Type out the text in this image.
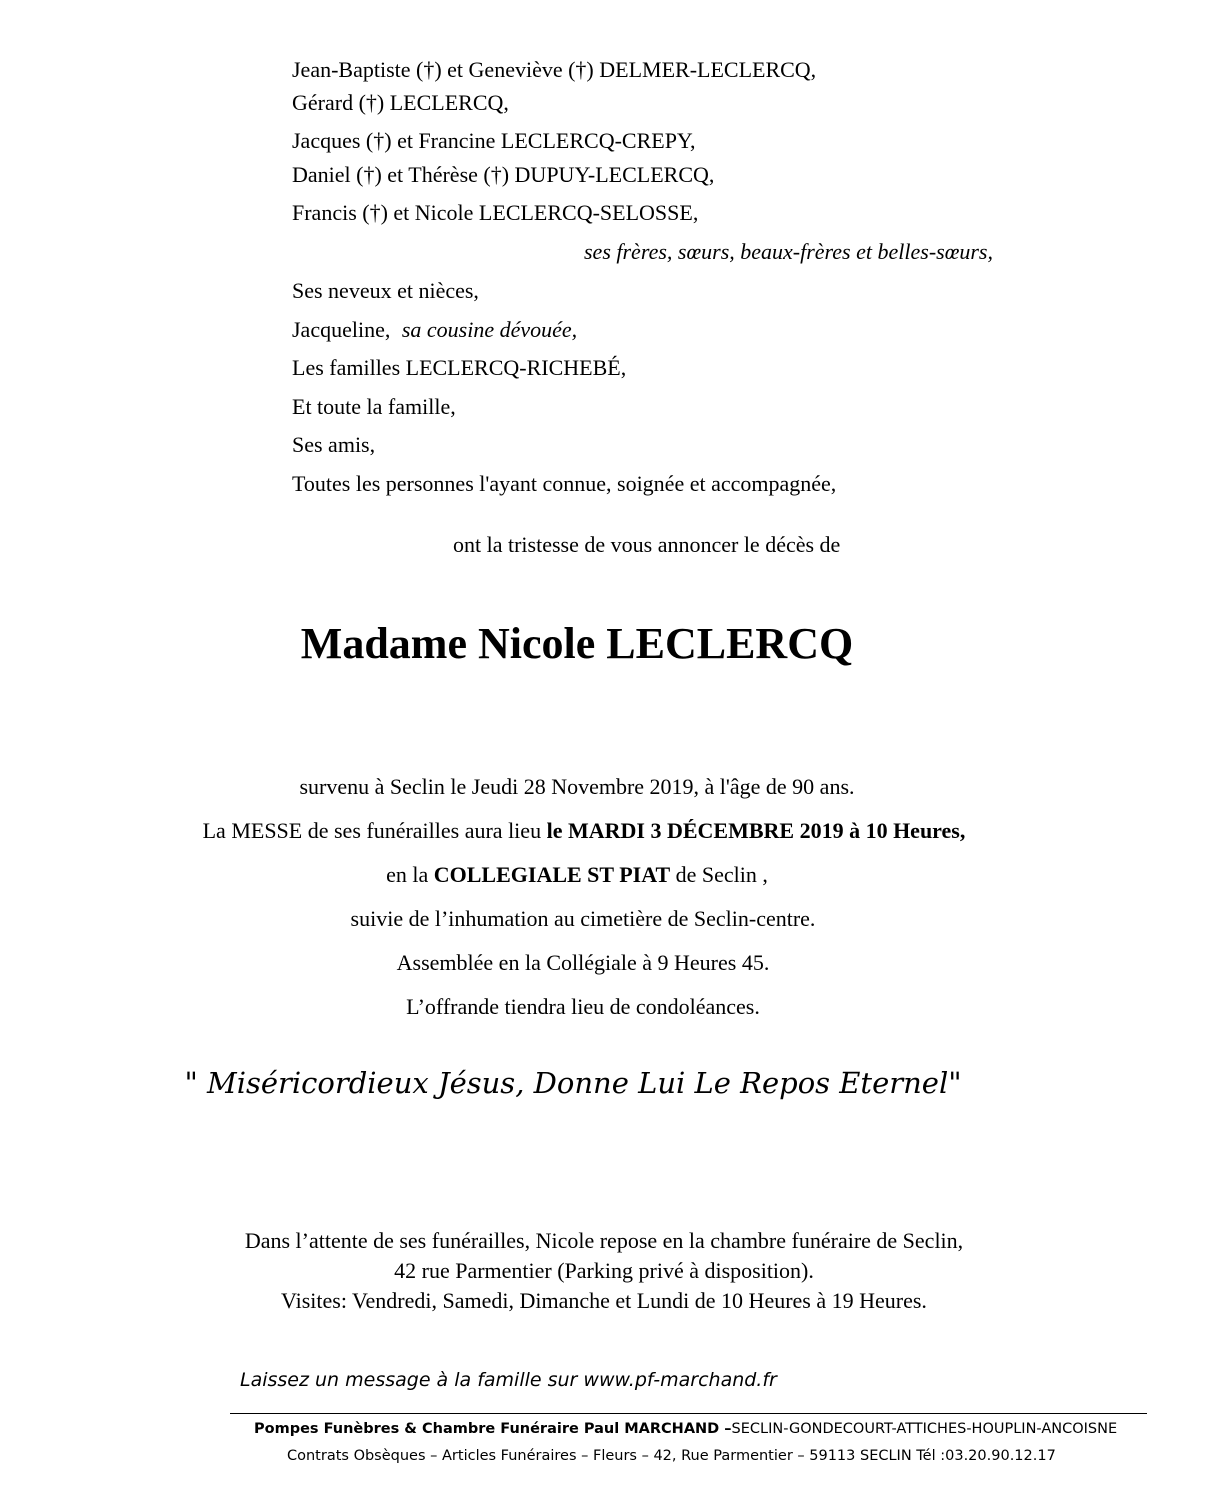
Jean-Baptiste (†) et Geneviève (†) DELMER-LECLERCQ,
Gérard (†) LECLERCQ,
Jacques (†) et Francine LECLERCQ-CREPY,
Daniel (†) et Thérèse (†) DUPUY-LECLERCQ,
Francis (†) et Nicole LECLERCQ-SELOSSE,
ses frères, sœurs, beaux-frères et belles-sœurs,
Ses neveux et nièces,
Jacqueline, sa cousine dévouée,
Les familles LECLERCQ-RICHEBÉ,
Et toute la famille,
Ses amis,
Toutes les personnes l'ayant connue, soignée et accompagnée,
ont la tristesse de vous annoncer le décès de
Madame Nicole LECLERCQ
survenu à Seclin le Jeudi 28 Novembre 2019, à l'âge de 90 ans.
La MESSE de ses funérailles aura lieu le MARDI 3 DÉCEMBRE 2019 à 10 Heures,
en la COLLEGIALE ST PIAT de Seclin ,
suivie de l’inhumation au cimetière de Seclin-centre.
Assemblée en la Collégiale à 9 Heures 45.
L’offrande tiendra lieu de condoléances.
" Miséricordieux Jésus, Donne Lui Le Repos Eternel"
Dans l’attente de ses funérailles, Nicole repose en la chambre funéraire de Seclin,
42 rue Parmentier (Parking privé à disposition).
Visites: Vendredi, Samedi, Dimanche et Lundi de 10 Heures à 19 Heures.
Laissez un message à la famille sur www.pf-marchand.fr
Pompes Funèbres & Chambre Funéraire Paul MARCHAND –SECLIN-GONDECOURT-ATTICHES-HOUPLIN-ANCOISNE
Contrats Obsèques – Articles Funéraires – Fleurs – 42, Rue Parmentier – 59113 SECLIN Tél :03.20.90.12.17
